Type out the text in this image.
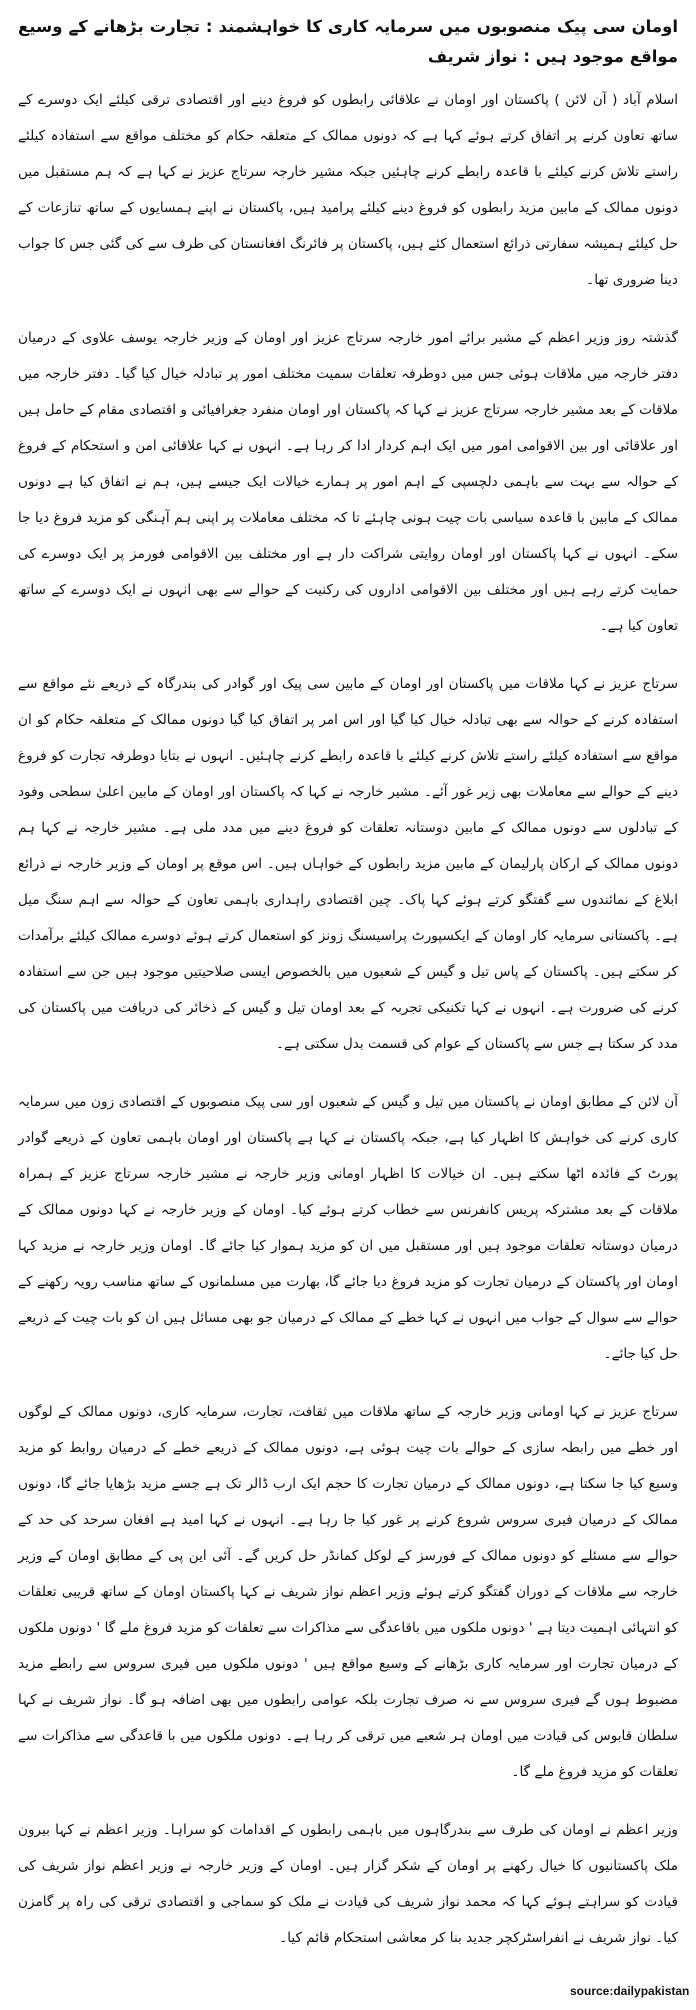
اومان سی پیک منصوبوں میں سرمایہ کاری کا خواہشمند : تجارت بڑھانے کے وسیع مواقع موجود ہیں : نواز شریف
اسلام آباد ( آن لائن ) پاکستان اور اومان نے علاقائی رابطوں کو فروغ دینے اور اقتصادی ترقی کیلئے ایک دوسرے کے ساتھ تعاون کرنے پر اتفاق کرتے ہوئے کہا ہے کہ دونوں ممالک کے متعلقہ حکام کو مختلف مواقع سے استفادہ کیلئے راستے تلاش کرنے کیلئے با قاعدہ رابطے کرنے چاہئیں جبکہ مشیر خارجہ سرتاج عزیز نے کہا ہے کہ ہم مستقبل میں دونوں ممالک کے مابین مزید رابطوں کو فروغ دینے کیلئے پرامید ہیں، پاکستان نے اپنے ہمسایوں کے ساتھ تنازعات کے حل کیلئے ہمیشہ سفارتی ذرائع استعمال کئے ہیں، پاکستان پر فائرنگ افغانستان کی طرف سے کی گئی جس کا جواب دینا ضروری تھا۔
گذشتہ روز وزیر اعظم کے مشیر برائے امور خارجہ سرتاج عزیز اور اومان کے وزیر خارجہ یوسف علاوی کے درمیان دفتر خارجہ میں ملاقات ہوئی جس میں دوطرفہ تعلقات سمیت مختلف امور پر تبادلہ خیال کیا گیا۔ دفتر خارجہ میں ملاقات کے بعد مشیر خارجہ سرتاج عزیز نے کہا کہ پاکستان اور اومان منفرد جغرافیائی و اقتصادی مقام کے حامل ہیں اور علاقائی اور بین الاقوامی امور میں ایک اہم کردار ادا کر رہا ہے۔ انہوں نے کہا علاقائی امن و استحکام کے فروغ کے حوالہ سے بہت سے باہمی دلچسپی کے اہم امور پر ہمارے خیالات ایک جیسے ہیں، ہم نے اتفاق کیا ہے دونوں ممالک کے مابین با قاعدہ سیاسی بات چیت ہونی چاہئے تا کہ مختلف معاملات پر اپنی ہم آہنگی کو مزید فروغ دیا جا سکے۔ انہوں نے کہا پاکستان اور اومان روایتی شراکت دار ہے اور مختلف بین الاقوامی فورمز پر ایک دوسرے کی حمایت کرتے رہے ہیں اور مختلف بین الاقوامی اداروں کی رکنیت کے حوالے سے بھی انہوں نے ایک دوسرے کے ساتھ تعاون کیا ہے۔
سرتاج عزیز نے کہا ملاقات میں پاکستان اور اومان کے مابین سی پیک اور گوادر کی بندرگاہ کے ذریعے نئے مواقع سے استفادہ کرنے کے حوالہ سے بھی تبادلہ خیال کیا گیا اور اس امر پر اتفاق کیا گیا دونوں ممالک کے متعلقہ حکام کو ان مواقع سے استفادہ کیلئے راستے تلاش کرنے کیلئے با قاعدہ رابطے کرنے چاہئیں۔ انہوں نے بتایا دوطرفہ تجارت کو فروغ دینے کے حوالے سے معاملات بھی زیر غور آئے۔ مشیر خارجہ نے کہا کہ پاکستان اور اومان کے مابین اعلیٰ سطحی وفود کے تبادلوں سے دونوں ممالک کے مابین دوستانہ تعلقات کو فروغ دینے میں مدد ملی ہے۔ مشیر خارجہ نے کہا ہم دونوں ممالک کے ارکان پارلیمان کے مابین مزید رابطوں کے خواہاں ہیں۔ اس موقع پر اومان کے وزیر خارجہ نے ذرائع ابلاغ کے نمائندوں سے گفتگو کرتے ہوئے کہا پاک۔ چین اقتصادی راہداری باہمی تعاون کے حوالہ سے اہم سنگ میل ہے۔ پاکستانی سرمایہ کار اومان کے ایکسپورٹ پراسیسنگ زونز کو استعمال کرتے ہوئے دوسرے ممالک کیلئے برآمدات کر سکتے ہیں۔ پاکستان کے پاس تیل و گیس کے شعبوں میں بالخصوص ایسی صلاحیتیں موجود ہیں جن سے استفادہ کرنے کی ضرورت ہے۔ انہوں نے کہا تکنیکی تجربہ کے بعد اومان تیل و گیس کے ذخائر کی دریافت میں پاکستان کی مدد کر سکتا ہے جس سے پاکستان کے عوام کی قسمت بدل سکتی ہے۔
آن لائن کے مطابق اومان نے پاکستان میں تیل و گیس کے شعبوں اور سی پیک منصوبوں کے اقتصادی زون میں سرمایہ کاری کرنے کی خواہش کا اظہار کیا ہے، جبکہ پاکستان نے کہا ہے پاکستان اور اومان باہمی تعاون کے ذریعے گوادر پورٹ کے فائدہ اٹھا سکتے ہیں۔ ان خیالات کا اظہار اومانی وزیر خارجہ نے مشیر خارجہ سرتاج عزیز کے ہمراہ ملاقات کے بعد مشترکہ پریس کانفرنس سے خطاب کرتے ہوئے کیا۔ اومان کے وزیر خارجہ نے کہا دونوں ممالک کے درمیان دوستانہ تعلقات موجود ہیں اور مستقبل میں ان کو مزید ہموار کیا جائے گا۔ اومان وزیر خارجہ نے مزید کہا اومان اور پاکستان کے درمیان تجارت کو مزید فروغ دیا جائے گا، بھارت میں مسلمانوں کے ساتھ مناسب رویہ رکھنے کے حوالے سے سوال کے جواب میں انہوں نے کہا خطے کے ممالک کے درمیان جو بھی مسائل ہیں ان کو بات چیت کے ذریعے حل کیا جائے۔
سرتاج عزیز نے کہا اومانی وزیر خارجہ کے ساتھ ملاقات میں ثقافت، تجارت، سرمایہ کاری، دونوں ممالک کے لوگوں اور خطے میں رابطہ سازی کے حوالے بات چیت ہوئی ہے، دونوں ممالک کے ذریعے خطے کے درمیان روابط کو مزید وسیع کیا جا سکتا ہے، دونوں ممالک کے درمیان تجارت کا حجم ایک ارب ڈالر تک ہے جسے مزید بڑھایا جائے گا، دونوں ممالک کے درمیان فیری سروس شروع کرنے پر غور کیا جا رہا ہے۔ انہوں نے کہا امید ہے افغان سرحد کی حد کے حوالے سے مسئلے کو دونوں ممالک کے فورسز کے لوکل کمانڈر حل کریں گے۔ آئی این پی کے مطابق اومان کے وزیر خارجہ سے ملاقات کے دوران گفتگو کرتے ہوئے وزیر اعظم نواز شریف نے کہا پاکستان اومان کے ساتھ قریبی تعلقات کو انتہائی اہمیت دیتا ہے ' دونوں ملکوں میں باقاعدگی سے مذاکرات سے تعلقات کو مزید فروغ ملے گا ' دونوں ملکوں کے درمیان تجارت اور سرمایہ کاری بڑھانے کے وسیع مواقع ہیں ' دونوں ملکوں میں فیری سروس سے رابطے مزید مضبوط ہوں گے فیری سروس سے نہ صرف تجارت بلکہ عوامی رابطوں میں بھی اضافہ ہو گا۔ نواز شریف نے کہا سلطان قابوس کی قیادت میں اومان ہر شعبے میں ترقی کر رہا ہے۔ دونوں ملکوں میں با قاعدگی سے مذاکرات سے تعلقات کو مزید فروغ ملے گا۔
وزیر اعظم نے اومان کی طرف سے بندرگاہوں میں باہمی رابطوں کے اقدامات کو سراہا۔ وزیر اعظم نے کہا بیرون ملک پاکستانیوں کا خیال رکھنے پر اومان کے شکر گزار ہیں۔ اومان کے وزیر خارجہ نے وزیر اعظم نواز شریف کی قیادت کو سراہتے ہوئے کہا کہ محمد نواز شریف کی قیادت نے ملک کو سماجی و اقتصادی ترقی کی راہ پر گامزن کیا۔ نواز شریف نے انفراسٹرکچر جدید بنا کر معاشی استحکام قائم کیا۔
source:dailypakistan
